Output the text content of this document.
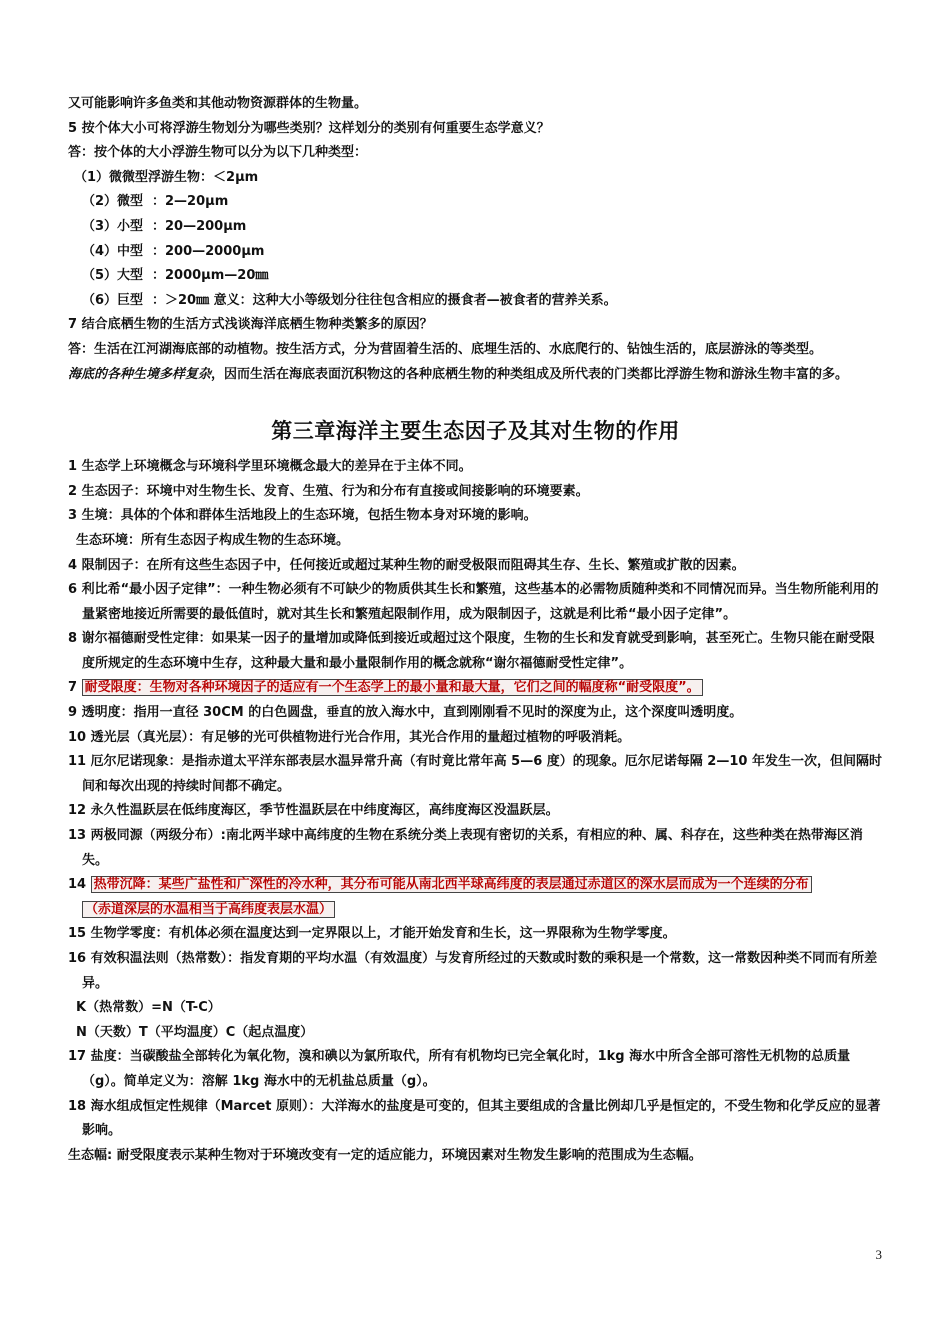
又可能影响许多鱼类和其他动物资源群体的生物量。

5 按个体大小可将浮游生物划分为哪些类别？这样划分的类别有何重要生态学意义？

答：按个体的大小浮游生物可以分为以下几种类型：

（1）微微型浮游生物：＜2μm

（2）微型 ：2—20μm
（3）小型 ：20—200μm
（4）中型 ：200—2000μm
（5）大型 ：2000μm—20㎜
（6）巨型 ：＞20㎜ 意义：这种大小等级划分往往包含相应的摄食者—被食者的营养关系。

7 结合底栖生物的生活方式浅谈海洋底栖生物种类繁多的原因？

答：生活在江河湖海底部的动植物。按生活方式，分为营固着生活的、底埋生活的、水底爬行的、钻蚀生活的，底层游泳的等类型。

海底的各种生境多样复杂，因而生活在海底表面沉积物这的各种底栖生物的种类组成及所代表的门类都比浮游生物和游泳生物丰富的多。

第三章海洋主要生态因子及其对生物的作用

1 生态学上环境概念与环境科学里环境概念最大的差异在于主体不同。

2 生态因子：环境中对生物生长、发育、生殖、行为和分布有直接或间接影响的环境要素。

3 生境：具体的个体和群体生活地段上的生态环境，包括生物本身对环境的影响。

生态环境：所有生态因子构成生物的生态环境。

4 限制因子：在所有这些生态因子中，任何接近或超过某种生物的耐受极限而阻碍其生存、生长、繁殖或扩散的因素。

6 利比希“最小因子定律”：一种生物必须有不可缺少的物质供其生长和繁殖，这些基本的必需物质随种类和不同情况而异。当生物所能利用的量紧密地接近所需要的最低值时，就对其生长和繁殖起限制作用，成为限制因子，这就是利比希“最小因子定律”。

8 谢尔福德耐受性定律：如果某一因子的量增加或降低到接近或超过这个限度，生物的生长和发育就受到影响，甚至死亡。生物只能在耐受限度所规定的生态环境中生存，这种最大量和最小量限制作用的概念就称“谢尔福德耐受性定律”。

7 耐受限度：生物对各种环境因子的适应有一个生态学上的最小量和最大量，它们之间的幅度称“耐受限度”。

9 透明度：指用一直径 30CM 的白色圆盘，垂直的放入海水中，直到刚刚看不见时的深度为止，这个深度叫透明度。

10 透光层（真光层）：有足够的光可供植物进行光合作用，其光合作用的量超过植物的呼吸消耗。

11 厄尔尼诺现象：是指赤道太平洋东部表层水温异常升高（有时竟比常年高 5—6 度）的现象。厄尔尼诺每隔 2—10 年发生一次，但间隔时间和每次出现的持续时间都不确定。

12 永久性温跃层在低纬度海区，季节性温跃层在中纬度海区，高纬度海区没温跃层。

13 两极同源（两级分布）:南北两半球中高纬度的生物在系统分类上表现有密切的关系，有相应的种、属、科存在，这些种类在热带海区消失。

14 热带沉降：某些广盐性和广深性的冷水种，其分布可能从南北西半球高纬度的表层通过赤道区的深水层而成为一个连续的分布

（赤道深层的水温相当于高纬度表层水温）

15 生物学零度：有机体必须在温度达到一定界限以上，才能开始发育和生长，这一界限称为生物学零度。

16 有效积温法则（热常数）：指发育期的平均水温（有效温度）与发育所经过的天数或时数的乘积是一个常数，这一常数因种类不同而有所差异。

K（热常数）=N（T-C）

N（天数）T（平均温度）C（起点温度）

17 盐度：当碳酸盐全部转化为氧化物，溴和碘以为氯所取代，所有有机物均已完全氧化时，1kg 海水中所含全部可溶性无机物的总质量（g）。简单定义为：溶解 1kg 海水中的无机盐总质量（g）。

18 海水组成恒定性规律（Marcet 原则）：大洋海水的盐度是可变的，但其主要组成的含量比例却几乎是恒定的，不受生物和化学反应的显著影响。

生态幅: 耐受限度表示某种生物对于环境改变有一定的适应能力，环境因素对生物发生影响的范围成为生态幅。

3
